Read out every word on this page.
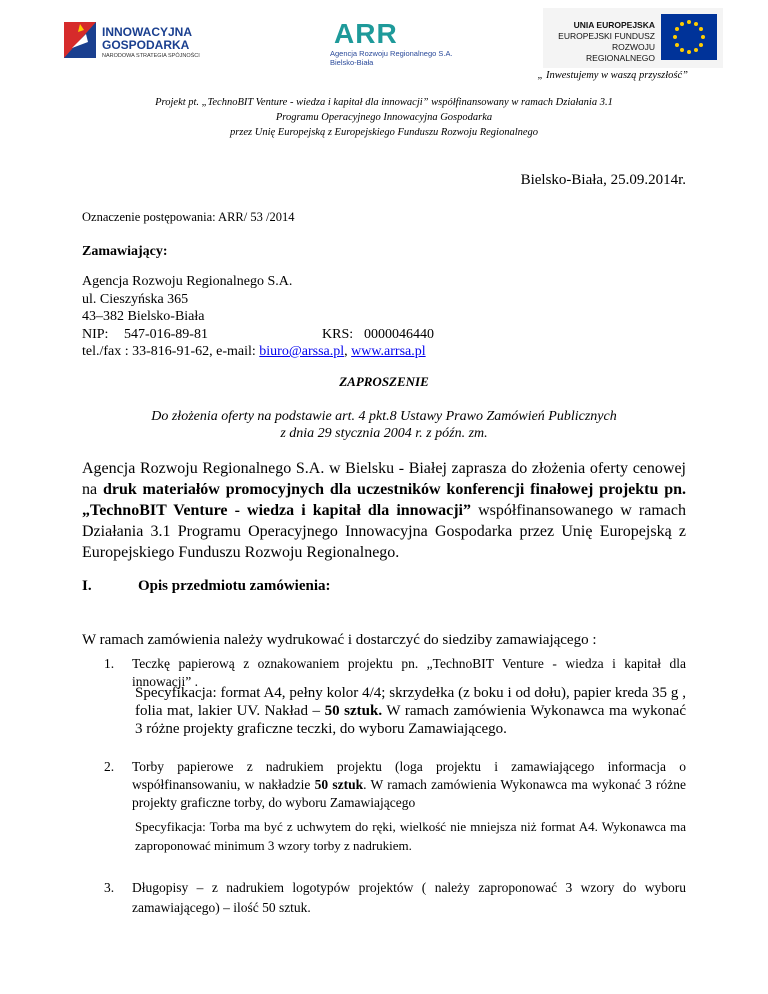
INNOWACYJNA
GOSPODARKA
NARODOWA STRATEGIA SPÓJNOŚCI
ARR
Agencja Rozwoju Regionalnego S.A.
Bielsko-Biała
UNIA EUROPEJSKA
EUROPEJSKI FUNDUSZ
ROZWOJU REGIONALNEGO
„ Inwestujemy w waszą przyszłość”
Projekt pt. „TechnoBIT Venture - wiedza i kapitał dla innowacji” współfinansowany w ramach Działania 3.1
Programu Operacyjnego Innowacyjna Gospodarka
przez Unię Europejską z Europejskiego Funduszu Rozwoju Regionalnego
Bielsko-Biała, 25.09.2014r.
Oznaczenie postępowania: ARR/ 53 /2014
Zamawiający:
Agencja Rozwoju Regionalnego S.A.
ul. Cieszyńska 365
43–382 Bielsko-Biała
NIP: 547-016-89-81	KRS: 0000046440
tel./fax : 33-816-91-62, e-mail: biuro@arssa.pl, www.arrsa.pl
ZAPROSZENIE
Do złożenia oferty na podstawie art. 4 pkt.8 Ustawy Prawo Zamówień Publicznych
z dnia 29 stycznia 2004 r. z późn. zm.
Agencja Rozwoju Regionalnego S.A. w Bielsku - Białej zaprasza do złożenia oferty cenowej na druk materiałów promocyjnych dla uczestników konferencji finałowej projektu pn. „TechnoBIT Venture - wiedza i kapitał dla innowacji” współfinansowanego w ramach Działania 3.1 Programu Operacyjnego Innowacyjna Gospodarka przez Unię Europejską z Europejskiego Funduszu Rozwoju Regionalnego.
I.	Opis przedmiotu zamówienia:
W ramach zamówienia należy wydrukować i dostarczyć do siedziby zamawiającego :
1. Teczkę papierową z oznakowaniem projektu pn. „TechnoBIT Venture - wiedza i kapitał dla innowacji” .
Specyfikacja: format A4, pełny kolor 4/4; skrzydełka (z boku i od dołu), papier kreda 35 g , folia mat, lakier UV. Nakład – 50 sztuk. W ramach zamówienia Wykonawca ma wykonać 3 różne projekty graficzne teczki, do wyboru Zamawiającego.
2. Torby papierowe z nadrukiem projektu (loga projektu i zamawiającego informacja o współfinansowaniu, w nakładzie 50 sztuk. W ramach zamówienia Wykonawca ma wykonać 3 różne projekty graficzne torby, do wyboru Zamawiającego
Specyfikacja: Torba ma być z uchwytem do ręki, wielkość nie mniejsza niż format A4. Wykonawca ma zaproponować minimum 3 wzory torby z nadrukiem.
3. Długopisy – z nadrukiem logotypów projektów ( należy zaproponować 3 wzory do wyboru zamawiającego) – ilość 50 sztuk.
